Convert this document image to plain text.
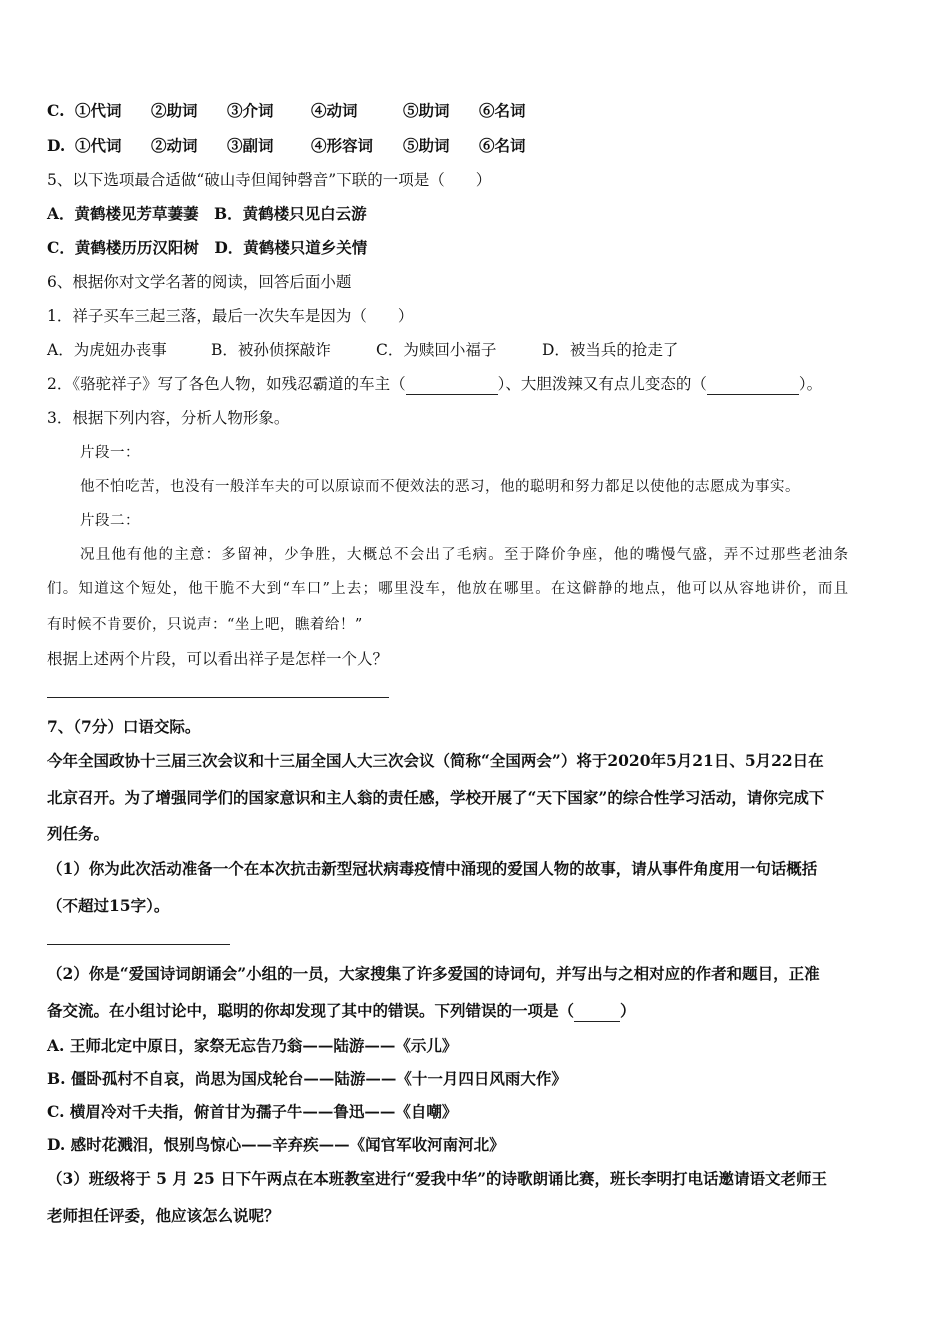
C.①代词 ②助词 ③介词 ④动词	⑤助词 ⑥名词
D.①代词 ②动词 ③副词 ④形容词 ⑤助词 ⑥名词
5、以下选项最合适做“破山寺但闻钟磬音”下联的一项是（　　）
A．黄鹤楼见芳草萋萋　B．黄鹤楼只见白云游
C．黄鹤楼历历汉阳树　D．黄鹤楼只道乡关情
6、根据你对文学名著的阅读，回答后面小题
1．祥子买车三起三落，最后一次失车是因为（　　）
A．为虎妞办丧事	B．被孙侦探敲诈	C．为赎回小福子	D．被当兵的抢走了
2．《骆驼祥子》写了各色人物，如残忍霸道的车主（	）、大胆泼辣又有点儿变态的（	）。
3．根据下列内容，分析人物形象。
片段一：
他不怕吃苦，也没有一般洋车夫的可以原谅而不便效法的恶习，他的聪明和努力都足以使他的志愿成为事实。
片段二：
况且他有他的主意：多留神，少争胜，大概总不会出了毛病。至于降价争座，他的嘴慢气盛，弄不过那些老油条
们。知道这个短处，他干脆不大到“车口”上去；哪里没车，他放在哪里。在这僻静的地点，他可以从容地讲价，而且
有时候不肯要价，只说声：“坐上吧，瞧着给！”
根据上述两个片段，可以看出祥子是怎样一个人？
7、（7分）口语交际。
今年全国政协十三届三次会议和十三届全国人大三次会议（简称“全国两会”）将于2020年5月21日、5月22日在
北京召开。为了增强同学们的国家意识和主人翁的责任感，学校开展了“天下国家”的综合性学习活动，请你完成下
列任务。
（1）你为此次活动准备一个在本次抗击新型冠状病毒疫情中涌现的爱国人物的故事，请从事件角度用一句话概括
（不超过15字）。
（2）你是“爱国诗词朗诵会”小组的一员，大家搜集了许多爱国的诗词句，并写出与之相对应的作者和题目，正准
备交流。在小组讨论中，聪明的你却发现了其中的错误。下列错误的一项是（	）
A. 王师北定中原日，家祭无忘告乃翁——陆游——《示儿》
B. 僵卧孤村不自哀，尚思为国戍轮台——陆游——《十一月四日风雨大作》
C. 横眉冷对千夫指，俯首甘为孺子牛——鲁迅——《自嘲》
D. 感时花溅泪，恨别鸟惊心——辛弃疾——《闻官军收河南河北》
（3）班级将于 5 月 25 日下午两点在本班教室进行“爱我中华”的诗歌朗诵比赛，班长李明打电话邀请语文老师王
老师担任评委，他应该怎么说呢？
